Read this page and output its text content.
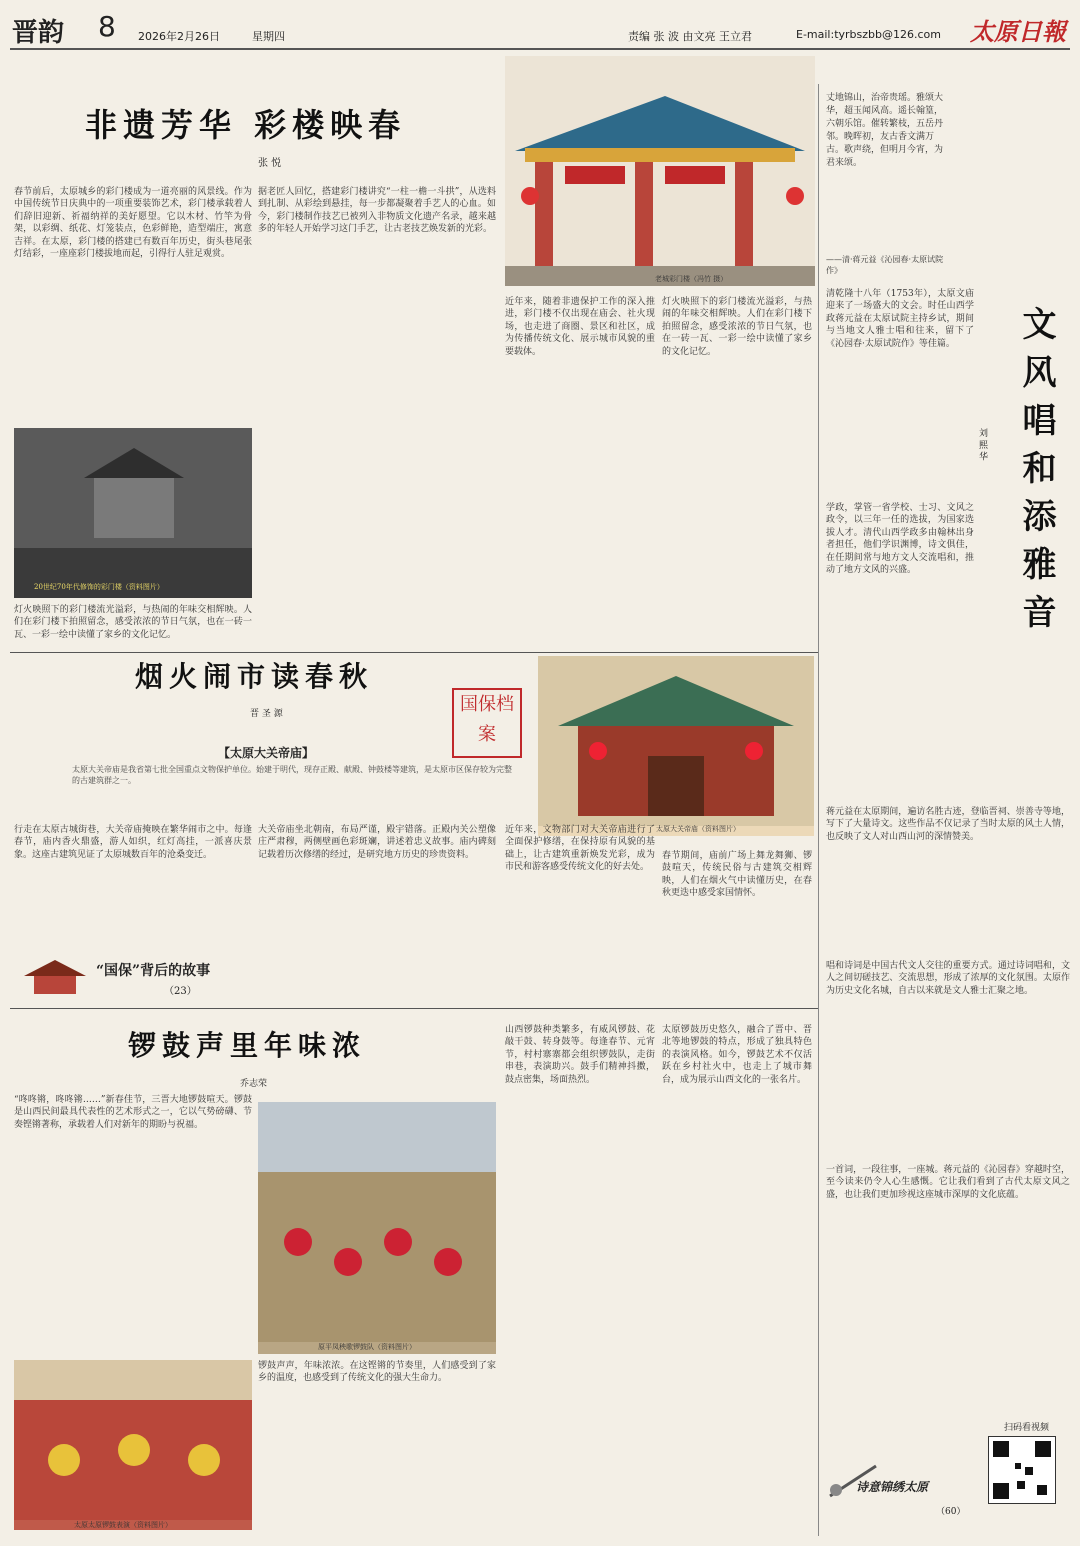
晋韵 8 2026年2月26日	星期四	责编 张 波 由文亮 王立君	E-mail:tyrbszbb@126.com 太原日報
非遗芳华 彩楼映春
张 悦
老城彩门楼（冯竹 摄）
春节前后，太原城乡的彩门楼成为一道亮丽的风景线。作为中国传统节日庆典中的一项重要装饰艺术，彩门楼承载着人们辞旧迎新、祈福纳祥的美好愿望。它以木材、竹竿为骨架，以彩绸、纸花、灯笼装点，色彩鲜艳，造型端庄，寓意吉祥。在太原，彩门楼的搭建已有数百年历史，街头巷尾张灯结彩，一座座彩门楼拔地而起，引得行人驻足观赏。
据老匠人回忆，搭建彩门楼讲究“一柱一檐一斗拱”，从选料到扎制、从彩绘到悬挂，每一步都凝聚着手艺人的心血。如今，彩门楼制作技艺已被列入非物质文化遗产名录，越来越多的年轻人开始学习这门手艺，让古老技艺焕发新的光彩。
近年来，随着非遗保护工作的深入推进，彩门楼不仅出现在庙会、社火现场，也走进了商圈、景区和社区，成为传播传统文化、展示城市风貌的重要载体。
灯火映照下的彩门楼流光溢彩，与热闹的年味交相辉映。人们在彩门楼下拍照留念，感受浓浓的节日气氛，也在一砖一瓦、一彩一绘中读懂了家乡的文化记忆。
20世纪70年代修饰的彩门楼（资料图片）
灯火映照下的彩门楼流光溢彩，与热闹的年味交相辉映。人们在彩门楼下拍照留念，感受浓浓的节日气氛，也在一砖一瓦、一彩一绘中读懂了家乡的文化记忆。
烟火闹市读春秋
晋 圣 源	国保档案
【太原大关帝庙】
太原大关帝庙是我省第七批全国重点文物保护单位。始建于明代，现存正殿、献殿、钟鼓楼等建筑，是太原市区保存较为完整的古建筑群之一。
太原大关帝庙（资料图片）
行走在太原古城街巷，大关帝庙掩映在繁华闹市之中。每逢春节，庙内香火鼎盛，游人如织，红灯高挂，一派喜庆景象。这座古建筑见证了太原城数百年的沧桑变迁。
大关帝庙坐北朝南，布局严谨，殿宇错落。正殿内关公塑像庄严肃穆，两侧壁画色彩斑斓，讲述着忠义故事。庙内碑刻记载着历次修缮的经过，是研究地方历史的珍贵资料。
近年来，文物部门对大关帝庙进行了全面保护修缮，在保持原有风貌的基础上，让古建筑重新焕发光彩，成为市民和游客感受传统文化的好去处。
春节期间，庙前广场上舞龙舞狮、锣鼓喧天，传统民俗与古建筑交相辉映，人们在烟火气中读懂历史，在春秋更迭中感受家国情怀。
“国保”背后的故事
（23）
锣鼓声里年味浓
乔志荣
“咚咚锵，咚咚锵……”新春佳节，三晋大地锣鼓喧天。锣鼓是山西民间最具代表性的艺术形式之一，它以气势磅礴、节奏铿锵著称，承载着人们对新年的期盼与祝福。
山西锣鼓种类繁多，有威风锣鼓、花敲干鼓、转身鼓等。每逢春节、元宵节，村村寨寨都会组织锣鼓队，走街串巷，表演助兴。鼓手们精神抖擞，鼓点密集，场面热烈。
太原锣鼓历史悠久，融合了晋中、晋北等地锣鼓的特点，形成了独具特色的表演风格。如今，锣鼓艺术不仅活跃在乡村社火中，也走上了城市舞台，成为展示山西文化的一张名片。
锣鼓声声，年味浓浓。在这铿锵的节奏里，人们感受到了家乡的温度，也感受到了传统文化的强大生命力。
原平凤秧歌锣鼓队（资料图片）
太原太原锣鼓表演（资料图片）
丈地锦山，治帝贵瑶。雅颂大华，超玉闻风高。遥长翰篁，六朝乐馆。催转繁枝，五岳丹邻。晚晖初，友古香文满万古。歌声绕，但明月今宵，为君来颂。
——清·蒋元益《沁园春·太原试院作》
文风唱和添雅音
刘 熙 华
清乾隆十八年（1753年），太原文庙迎来了一场盛大的文会。时任山西学政蒋元益在太原试院主持乡试，期间与当地文人雅士唱和往来，留下了《沁园春·太原试院作》等佳篇。
学政，掌管一省学校、士习、文风之政令，以三年一任的选拔，为国家选拔人才。清代山西学政多由翰林出身者担任，他们学识渊博，诗文俱佳，在任期间常与地方文人交流唱和，推动了地方文风的兴盛。
蒋元益在太原期间，遍访名胜古迹，登临晋祠、崇善寺等地，写下了大量诗文。这些作品不仅记录了当时太原的风土人情，也反映了文人对山西山河的深情赞美。
唱和诗词是中国古代文人交往的重要方式。通过诗词唱和，文人之间切磋技艺、交流思想，形成了浓厚的文化氛围。太原作为历史文化名城，自古以来就是文人雅士汇聚之地。
一首词，一段往事，一座城。蒋元益的《沁园春》穿越时空，至今读来仍令人心生感慨。它让我们看到了古代太原文风之盛，也让我们更加珍视这座城市深厚的文化底蕴。
诗意锦绣太原
（60）
扫码看视频
